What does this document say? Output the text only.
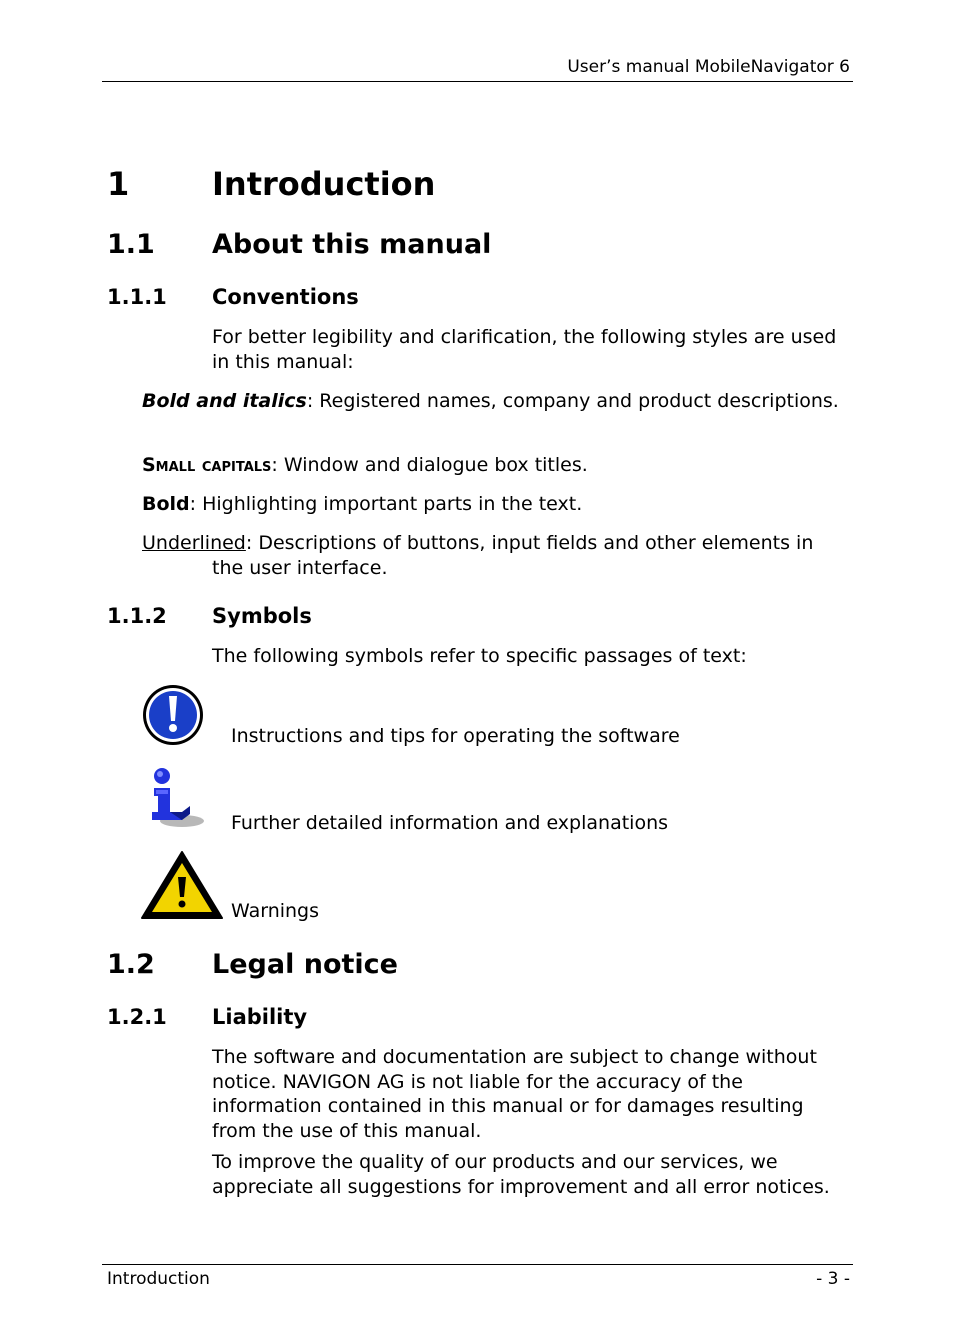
User’s manual MobileNavigator 6
1	Introduction
1.1 About this manual
1.1.1 Conventions
For better legibility and clarification, the following styles are used in this manual:
Bold and italics: Registered names, company and product descriptions.
Small capitals: Window and dialogue box titles.
Bold: Highlighting important parts in the text.
Underlined: Descriptions of buttons, input fields and other elements in the user interface.
1.1.2 Symbols
The following symbols refer to specific passages of text:
Instructions and tips for operating the software
Further detailed information and explanations
Warnings
1.2 Legal notice
1.2.1 Liability
The software and documentation are subject to change without notice. NAVIGON AG is not liable for the accuracy of the information contained in this manual or for damages resulting from the use of this manual.
To improve the quality of our products and our services, we appreciate all suggestions for improvement and all error notices.
Introduction	- 3 -
